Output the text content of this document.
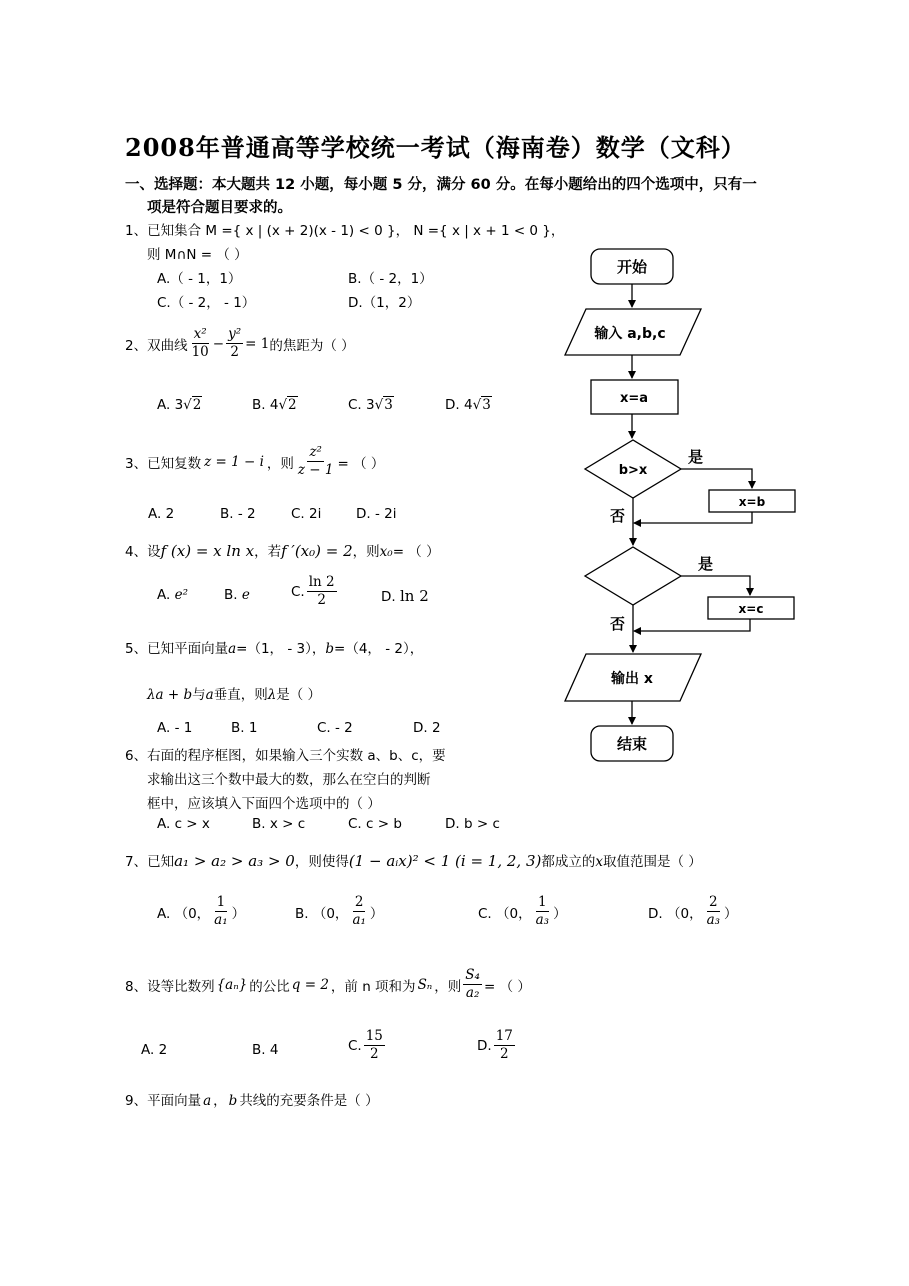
2008年普通高等学校统一考试（海南卷）数学（文科）
一、选择题：本大题共 12 小题，每小题 5 分，满分 60 分。在每小题给出的四个选项中，只有一
项是符合题目要求的。
1、已知集合 M ={ x | (x + 2)(x - 1) < 0 }， N ={ x | x + 1 < 0 }，
则 M∩N = （ ）
A.（ - 1，1）	B.（ - 2，1）
C.（ - 2， - 1）	D.（1，2）
2、双曲线 $\frac{\text{x²}}{10} - \frac{\text{y²}}{2} = 1$ 的焦距为（ ）
A. 3√2	B. 4√2	C. 3√3	D. 4√3
3、已知复数 z = 1 − i ，则 $\frac{\text{z²}}{z - 1}$ = （ ）
A. 2	B. - 2	C. 2i	D. - 2i
4、设f (x) = x ln x，若f ′(x₀) = 2，则x₀= （ ）
A. e²	B. e	C. $\frac{\ln 2}{2}$	D. ln 2
5、已知平面向量a=（1， - 3），b=（4， - 2），
λa + b与a垂直，则λ是（ ）
A. - 1	B. 1	C. - 2	D. 2
6、右面的程序框图，如果输入三个实数 a、b、c，要
求输出这三个数中最大的数，那么在空白的判断
框中，应该填入下面四个选项中的（ ）
A. c > x	B. x > c	C. c > b	D. b > c
7、已知a₁ > a₂ > a₃ > 0，则使得(1 − aᵢx)² < 1 (i = 1, 2, 3)都成立的x取值范围是（ ）
A. （0， $\frac{1}{\text{a₁}}$ ）	B. （0， $\frac{2}{\text{a₁}}$ ）	C. （0， $\frac{1}{\text{a₃}}$ ）	D. （0， $\frac{2}{\text{a₃}}$ ）
8、设等比数列 {aₙ} 的公比 q = 2 ，前 n 项和为 Sₙ ，则 $\frac{\text{S₄}}{\text{a₂}}$ = （ ）
A. 2	B. 4	C. $\frac{15}{2}$	D. $\frac{17}{2}$
9、平面向量 a ， b 共线的充要条件是（ ）
开始
输入 a,b,c
x=a
b>x
是
否
x=b
是
否
x=c
输出 x
结束
